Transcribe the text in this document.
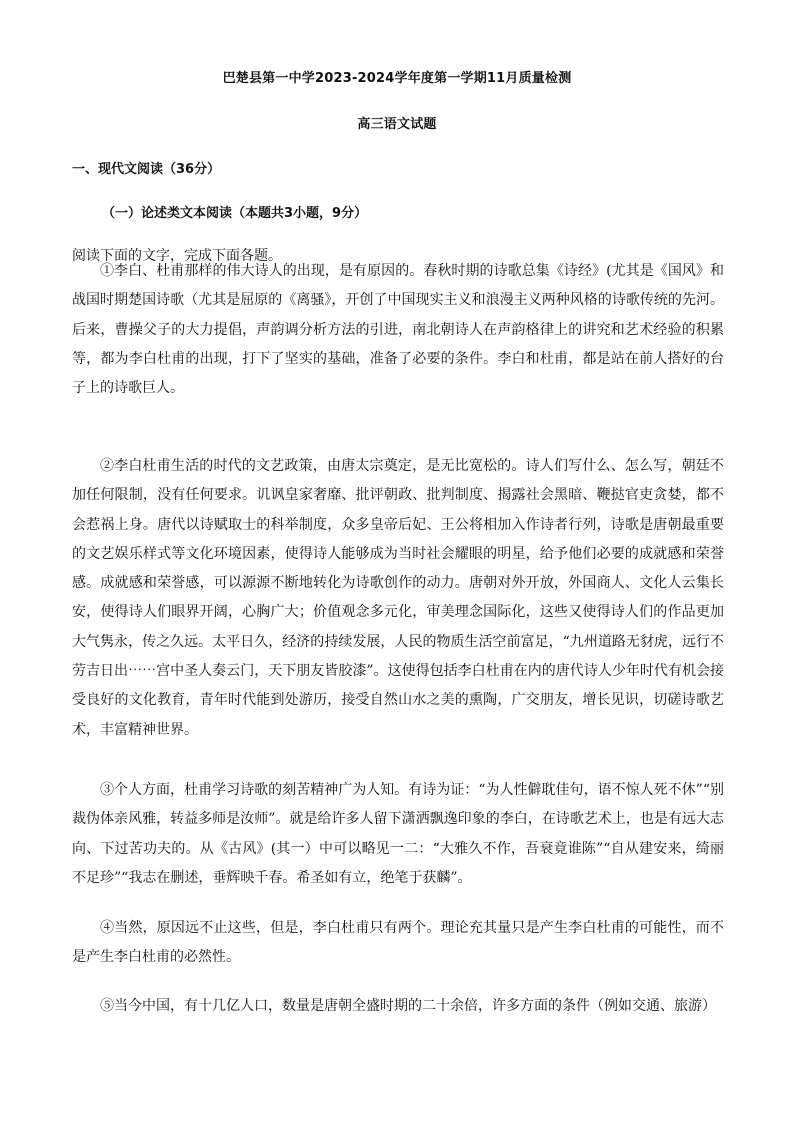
巴楚县第一中学2023-2024学年度第一学期11月质量检测
高三语文试题
一、现代文阅读（36分）
（一）论述类文本阅读（本题共3小题，9分）
阅读下面的文字，完成下面各题。

①李白、杜甫那样的伟大诗人的出现，是有原因的。春秋时期的诗歌总集《诗经》(尤其是《国风》和战国时期楚国诗歌（尤其是屈原的《离骚》，开创了中国现实主义和浪漫主义两种风格的诗歌传统的先河。后来，曹操父子的大力提倡，声韵调分析方法的引进，南北朝诗人在声韵格律上的讲究和艺术经验的积累等，都为李白杜甫的出现，打下了坚实的基础，准备了必要的条件。李白和杜甫，都是站在前人搭好的台子上的诗歌巨人。

②李白杜甫生活的时代的文艺政策，由唐太宗奠定，是无比宽松的。诗人们写什么、怎么写，朝廷不加任何限制，没有任何要求。讥讽皇家奢靡、批评朝政、批判制度、揭露社会黑暗、鞭挞官吏贪婪，都不会惹祸上身。唐代以诗赋取士的科举制度，众多皇帝后妃、王公将相加入作诗者行列，诗歌是唐朝最重要的文艺娱乐样式等文化环境因素，使得诗人能够成为当时社会耀眼的明星，给予他们必要的成就感和荣誉感。成就感和荣誉感，可以源源不断地转化为诗歌创作的动力。唐朝对外开放，外国商人、文化人云集长安，使得诗人们眼界开阔，心胸广大；价值观念多元化，审美理念国际化，这些又使得诗人们的作品更加大气隽永，传之久远。太平日久，经济的持续发展，人民的物质生活空前富足，“九州道路无豺虎，远行不劳吉日出⋯⋯宫中圣人奏云门，天下朋友皆胶漆”。这使得包括李白杜甫在内的唐代诗人少年时代有机会接受良好的文化教育，青年时代能到处游历，接受自然山水之美的熏陶，广交朋友，增长见识，切磋诗歌艺术，丰富精神世界。

③个人方面，杜甫学习诗歌的刻苦精神广为人知。有诗为证：“为人性僻耽佳句，语不惊人死不休”“别裁伪体亲风雅，转益多师是汝师”。就是给许多人留下潇洒飘逸印象的李白，在诗歌艺术上，也是有远大志向、下过苦功夫的。从《古风》(其一）中可以略见一二：“大雅久不作，吾衰竟谁陈”“自从建安来，绮丽不足珍”“我志在删述，垂辉映千春。希圣如有立，绝笔于获麟”。

④当然，原因远不止这些，但是，李白杜甫只有两个。理论充其量只是产生李白杜甫的可能性，而不是产生李白杜甫的必然性。

⑤当今中国，有十几亿人口，数量是唐朝全盛时期的二十余倍，许多方面的条件（例如交通、旅游）
